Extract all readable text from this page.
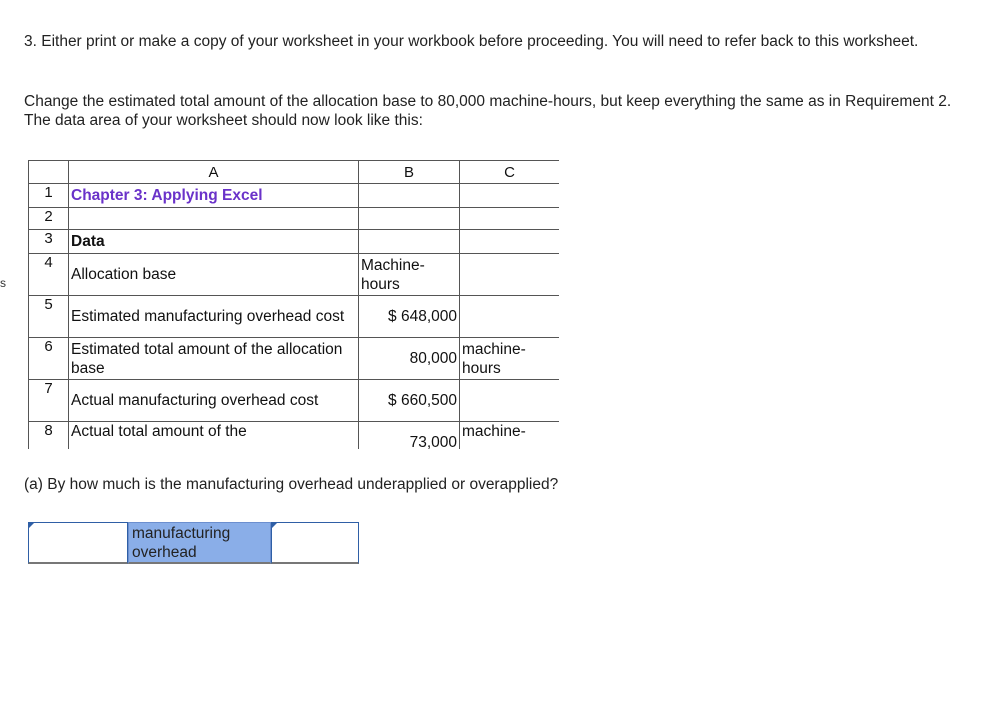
3. Either print or make a copy of your worksheet in your workbook before proceeding. You will need to refer back to this worksheet.

Change the estimated total amount of the allocation base to 80,000 machine-hours, but keep everything the same as in Requirement 2. The data area of your worksheet should now look like this:

s
	A	B	C
1	Chapter 3: Applying Excel		
2			
3	Data		
4	Allocation base	Machine-hours	
5	Estimated manufacturing overhead cost	$ 648,000	
6	Estimated total amount of the allocation base	80,000	machine-hours
7	Actual manufacturing overhead cost	$ 660,500	
8	Actual total amount of the	73,000	machine-

(a) By how much is the manufacturing overhead underapplied or overapplied?

manufacturing overhead
